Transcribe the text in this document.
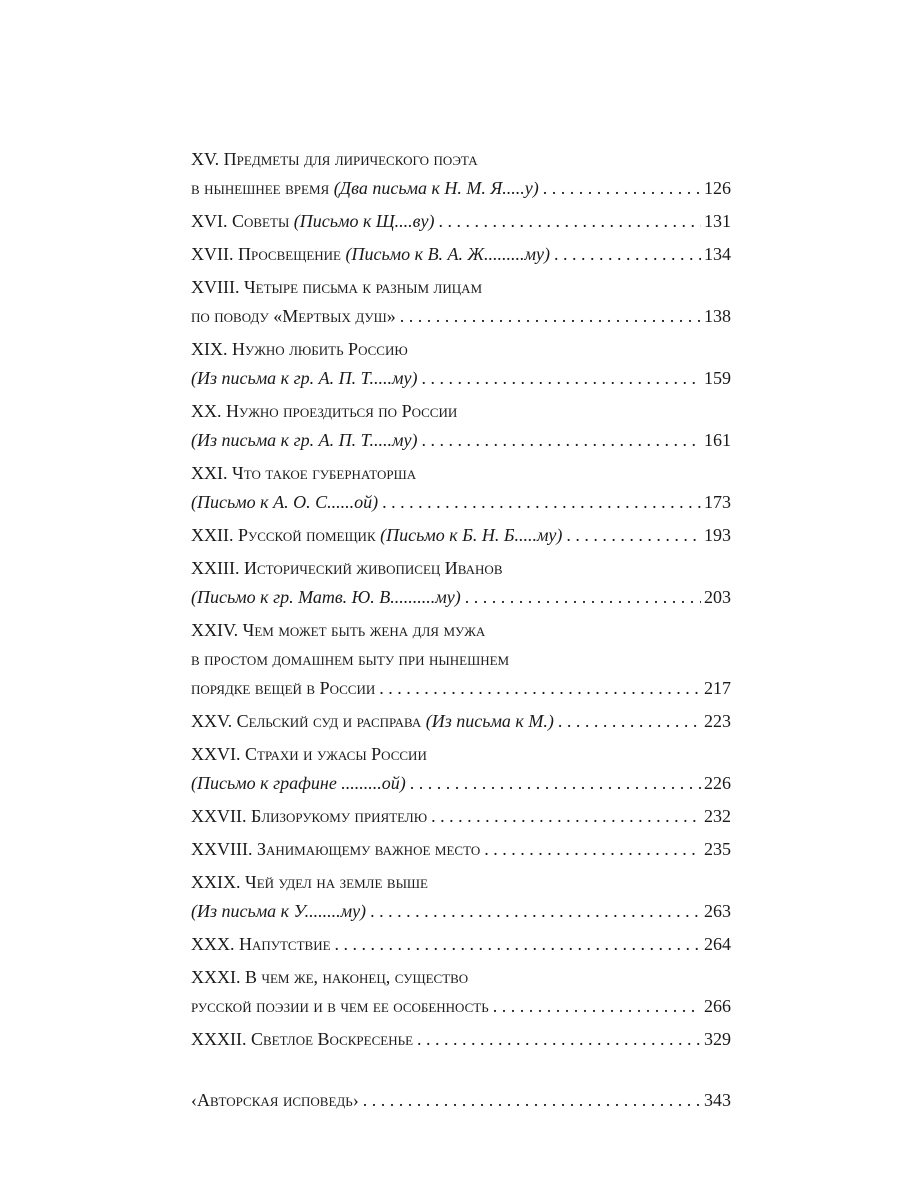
XV. Предметы для лирического поэта
в нынешнее время (Два письма к Н. М. Я.....у) . . .	126
XVI. Советы (Письмо к Щ....ву) . . .	131
XVII. Просвещение (Письмо к В. А. Ж.........му) . . .	134
XVIII. Четыре письма к разным лицам
по поводу «Мертвых душ» . . .	138
XIX. Нужно любить Россию
(Из письма к гр. А. П. Т.....му) . . .	159
XX. Нужно проездиться по России
(Из письма к гр. А. П. Т.....му) . . .	161
XXI. Что такое губернаторша
(Письмо к А. О. С......ой) . . .	173
XXII. Русской помещик (Письмо к Б. Н. Б.....му) . . .	193
XXIII. Исторический живописец Иванов
(Письмо к гр. Матв. Ю. В..........му) . . .	203
XXIV. Чем может быть жена для мужа
в простом домашнем быту при нынешнем
порядке вещей в России . . .	217
XXV. Сельский суд и расправа (Из письма к М.) . . .	223
XXVI. Страхи и ужасы России
(Письмо к графине .........ой) . . .	226
XXVII. Близорукому приятелю . . .	232
XXVIII. Занимающему важное место . . .	235
XXIX. Чей удел на земле выше
(Из письма к У........му) . . .	263
XXX. Напутствие . . .	264
XXXI. В чем же, наконец, существо
русской поэзии и в чем ее особенность . . .	266
XXXII. Светлое Воскресенье . . .	329
‹Авторская исповедь› . . .	343
